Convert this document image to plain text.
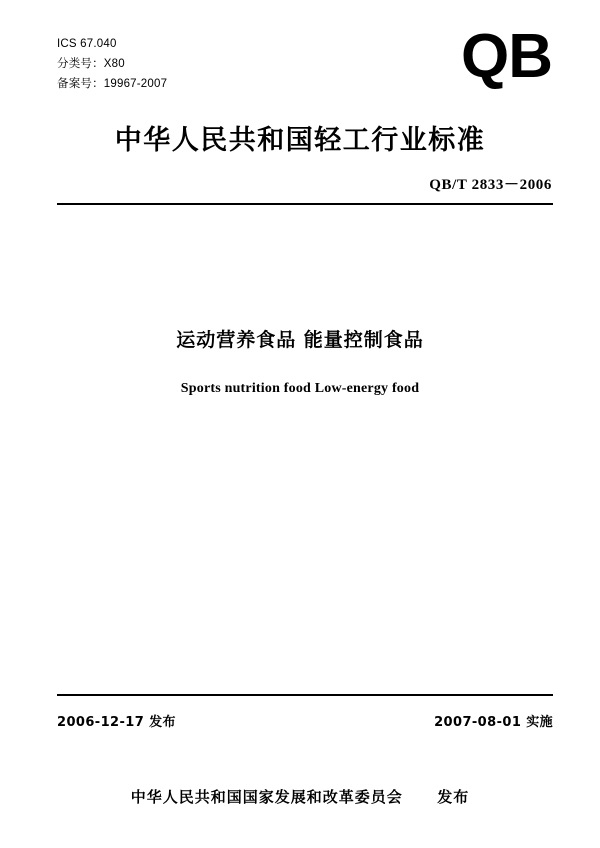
ICS 67.040
分类号：X80
备案号：19967-2007	QB
中华人民共和国轻工行业标准
QB/T 2833－2006
运动营养食品 能量控制食品
Sports nutrition food Low-energy food
2006-12-17 发布	2007-08-01 实施
中华人民共和国国家发展和改革委员会 发布
